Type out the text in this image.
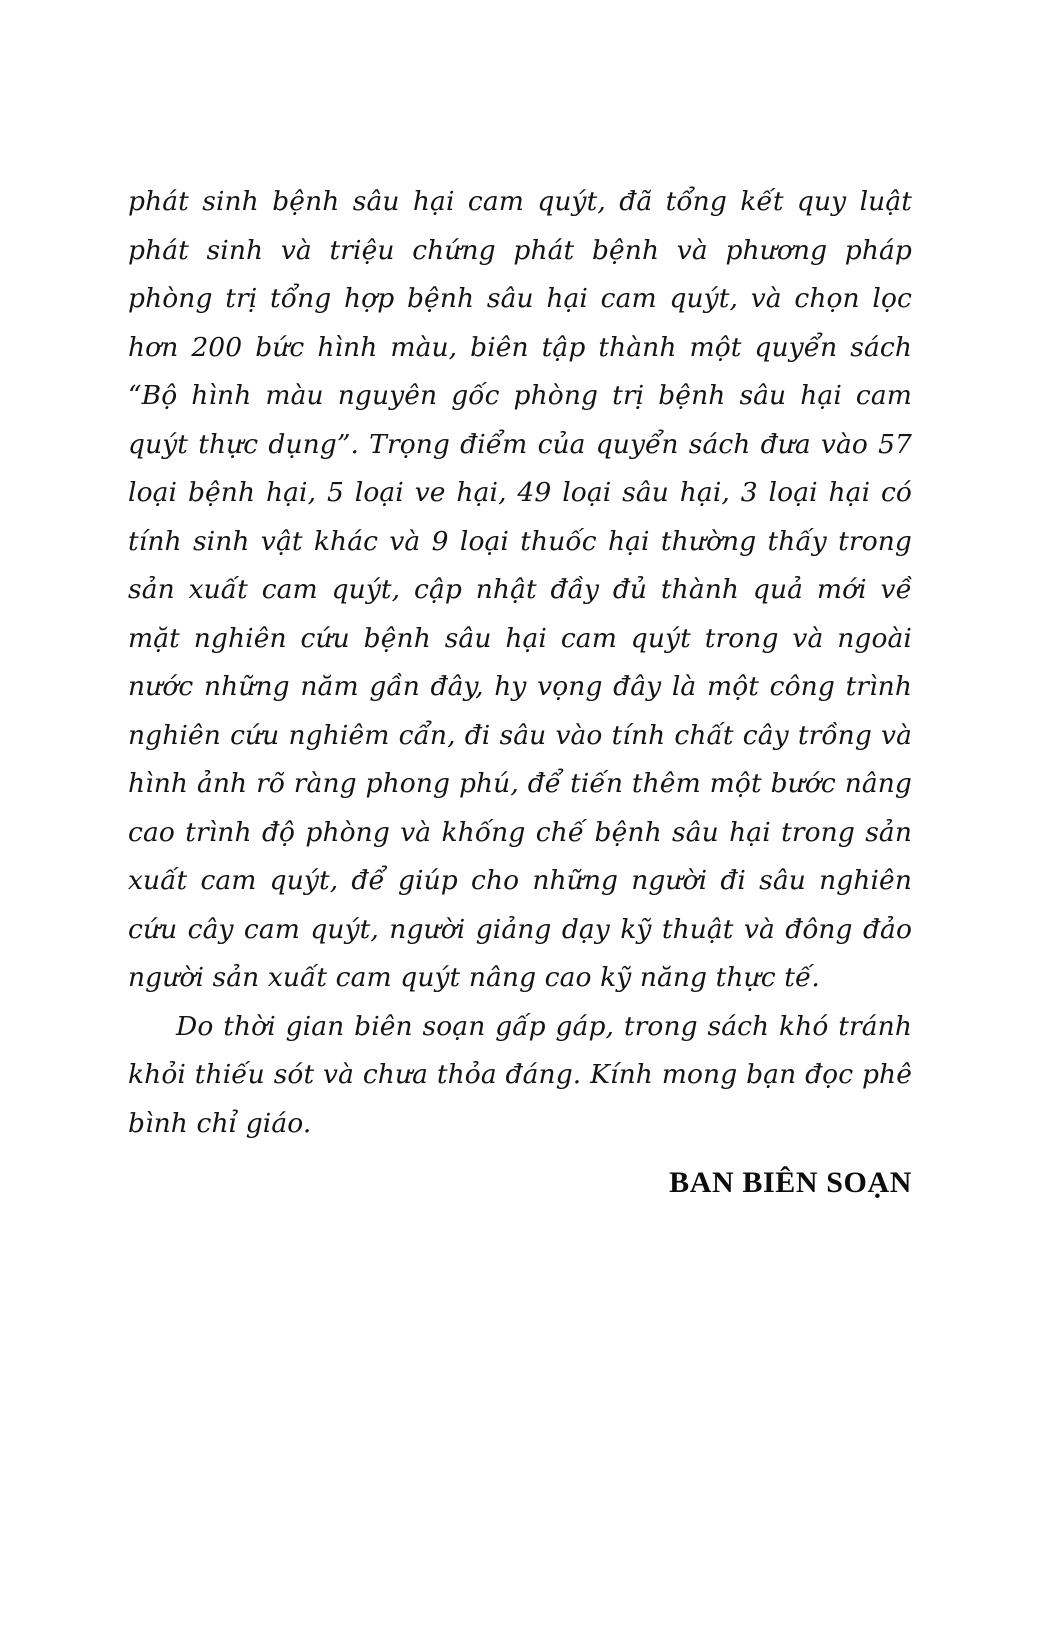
phát sinh bệnh sâu hại cam quýt, đã tổng kết quy luật phát sinh và triệu chứng phát bệnh và phương pháp phòng trị tổng hợp bệnh sâu hại cam quýt, và chọn lọc hơn 200 bức hình màu, biên tập thành một quyển sách “Bộ hình màu nguyên gốc phòng trị bệnh sâu hại cam quýt thực dụng”. Trọng điểm của quyển sách đưa vào 57 loại bệnh hại, 5 loại ve hại, 49 loại sâu hại, 3 loại hại có tính sinh vật khác và 9 loại thuốc hại thường thấy trong sản xuất cam quýt, cập nhật đầy đủ thành quả mới về mặt nghiên cứu bệnh sâu hại cam quýt trong và ngoài nước những năm gần đây, hy vọng đây là một công trình nghiên cứu nghiêm cẩn, đi sâu vào tính chất cây trồng và hình ảnh rõ ràng phong phú, để tiến thêm một bước nâng cao trình độ phòng và khống chế bệnh sâu hại trong sản xuất cam quýt, để giúp cho những người đi sâu nghiên cứu cây cam quýt, người giảng dạy kỹ thuật và đông đảo người sản xuất cam quýt nâng cao kỹ năng thực tế.

Do thời gian biên soạn gấp gáp, trong sách khó tránh khỏi thiếu sót và chưa thỏa đáng. Kính mong bạn đọc phê bình chỉ giáo.

BAN BIÊN SOẠN
